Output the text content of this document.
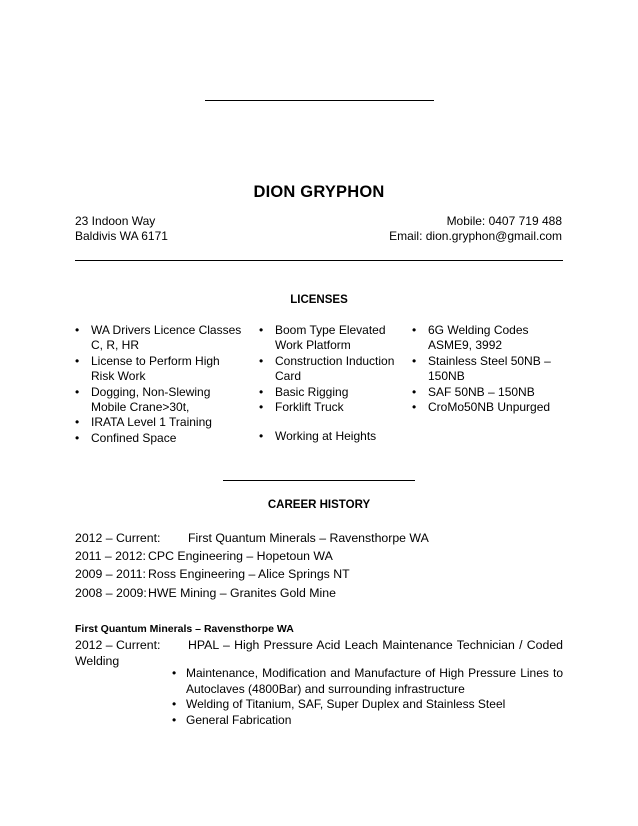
DION GRYPHON
23 Indoon Way
Baldivis WA 6171
Mobile: 0407 719 488
Email: dion.gryphon@gmail.com
LICENSES
• WA Drivers Licence Classes C, R, HR
• License to Perform High Risk Work
• Dogging, Non-Slewing Mobile Crane>30t,
• IRATA Level 1 Training
• Confined Space
• Boom Type Elevated Work Platform
• Construction Induction Card
• Basic Rigging
• Forklift Truck
• Working at Heights
• 6G Welding Codes ASME9, 3992
• Stainless Steel 50NB – 150NB
• SAF 50NB – 150NB
• CroMo50NB Unpurged
CAREER HISTORY
2012 – Current: First Quantum Minerals – Ravensthorpe WA
2011 – 2012: CPC Engineering – Hopetoun WA
2009 – 2011: Ross Engineering – Alice Springs NT
2008 – 2009:HWE Mining – Granites Gold Mine
First Quantum Minerals – Ravensthorpe WA
2012 – Current: HPAL – High Pressure Acid Leach Maintenance Technician / Coded Welding
• Maintenance, Modification and Manufacture of High Pressure Lines to Autoclaves (4800Bar) and surrounding infrastructure
• Welding of Titanium, SAF, Super Duplex and Stainless Steel
• General Fabrication
